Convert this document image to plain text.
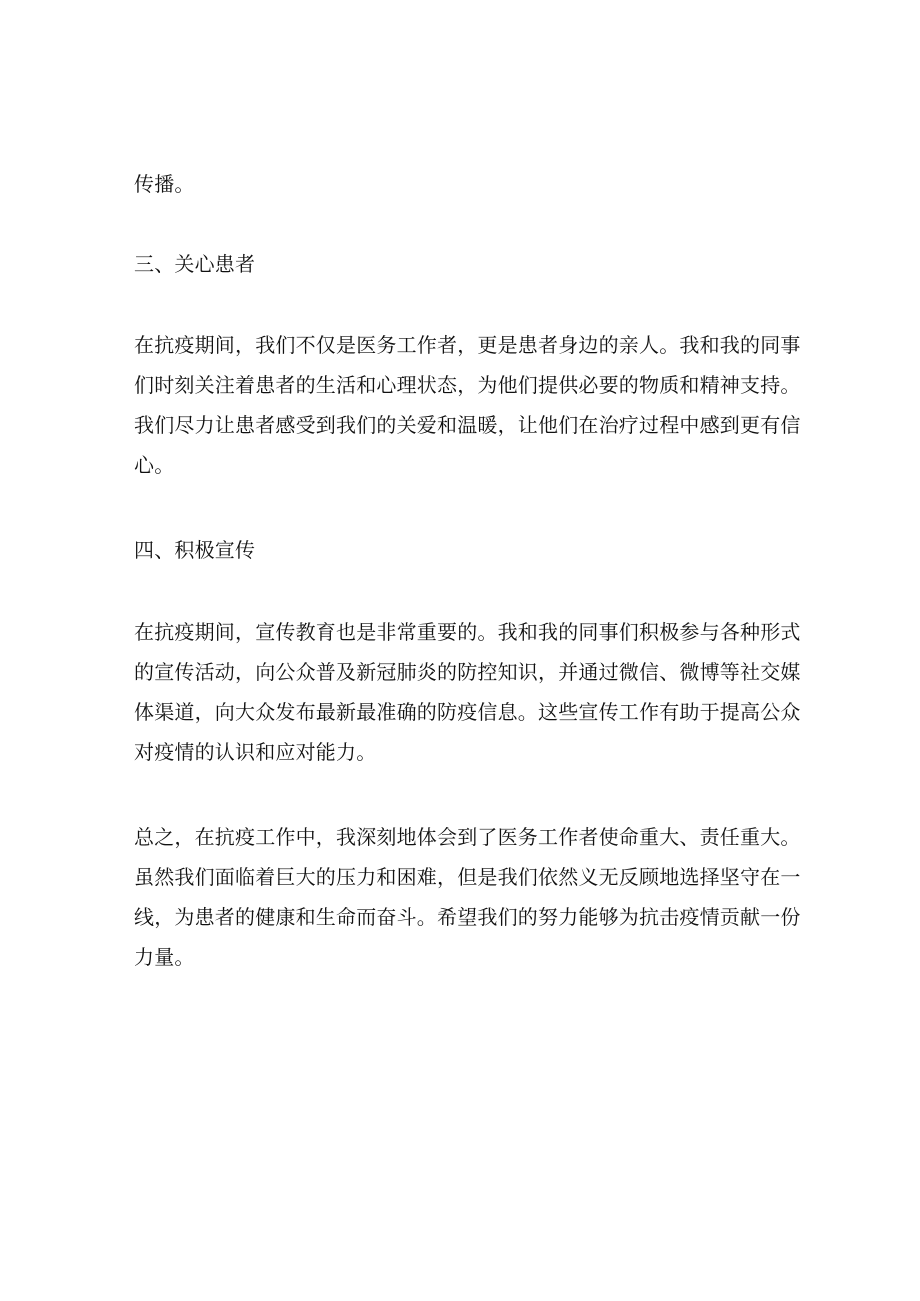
传播。

三、关心患者

在抗疫期间，我们不仅是医务工作者，更是患者身边的亲人。我和我的同事
们时刻关注着患者的生活和心理状态，为他们提供必要的物质和精神支持。
我们尽力让患者感受到我们的关爱和温暖，让他们在治疗过程中感到更有信
心。

四、积极宣传

在抗疫期间，宣传教育也是非常重要的。我和我的同事们积极参与各种形式
的宣传活动，向公众普及新冠肺炎的防控知识，并通过微信、微博等社交媒
体渠道，向大众发布最新最准确的防疫信息。这些宣传工作有助于提高公众
对疫情的认识和应对能力。

总之，在抗疫工作中，我深刻地体会到了医务工作者使命重大、责任重大。
虽然我们面临着巨大的压力和困难，但是我们依然义无反顾地选择坚守在一
线，为患者的健康和生命而奋斗。希望我们的努力能够为抗击疫情贡献一份
力量。
